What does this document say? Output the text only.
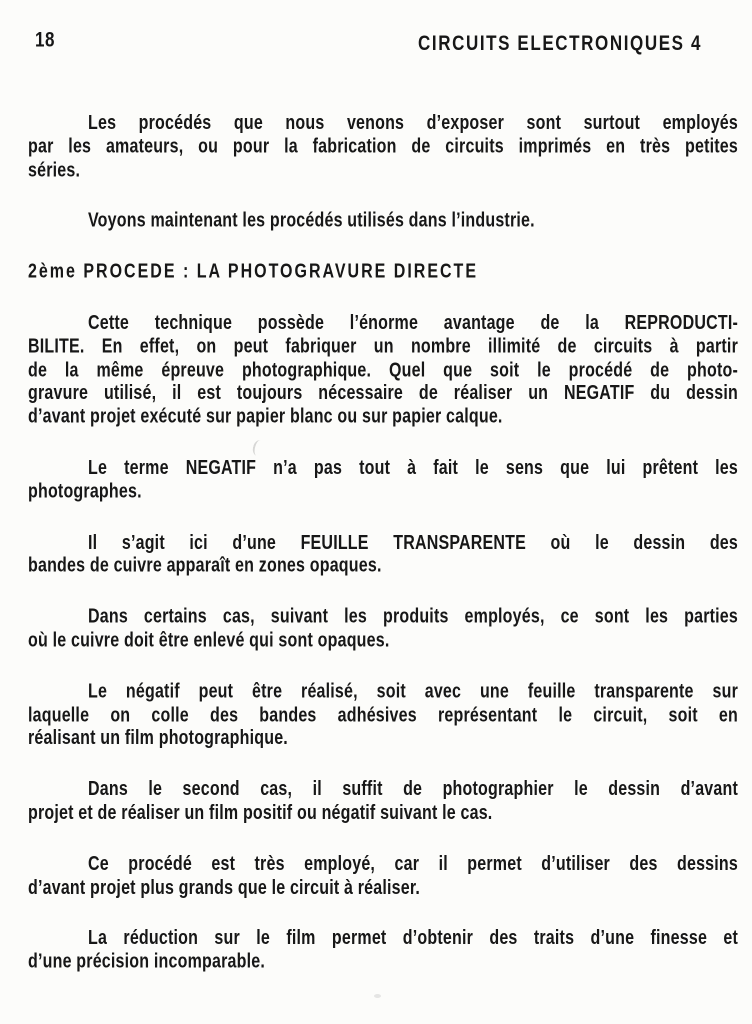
18	CIRCUITS ELECTRONIQUES 4

Les procédés que nous venons d’exposer sont surtout employés
par les amateurs, ou pour la fabrication de circuits imprimés en très petites
séries.

Voyons maintenant les procédés utilisés dans l’industrie.

2ème PROCEDE : LA PHOTOGRAVURE DIRECTE

Cette technique possède l’énorme avantage de la REPRODUCTI-
BILITE. En effet, on peut fabriquer un nombre illimité de circuits à partir
de la même épreuve photographique. Quel que soit le procédé de photo-
gravure utilisé, il est toujours nécessaire de réaliser un NEGATIF du dessin
d’avant projet exécuté sur papier blanc ou sur papier calque.

Le terme NEGATIF n’a pas tout à fait le sens que lui prêtent les
photographes.

Il s’agit ici d’une FEUILLE TRANSPARENTE où le dessin des
bandes de cuivre apparaît en zones opaques.

Dans certains cas, suivant les produits employés, ce sont les parties
où le cuivre doit être enlevé qui sont opaques.

Le négatif peut être réalisé, soit avec une feuille transparente sur
laquelle on colle des bandes adhésives représentant le circuit, soit en
réalisant un film photographique.

Dans le second cas, il suffit de photographier le dessin d’avant
projet et de réaliser un film positif ou négatif suivant le cas.

Ce procédé est très employé, car il permet d’utiliser des dessins
d’avant projet plus grands que le circuit à réaliser.

La réduction sur le film permet d’obtenir des traits d’une finesse et
d’une précision incomparable.
